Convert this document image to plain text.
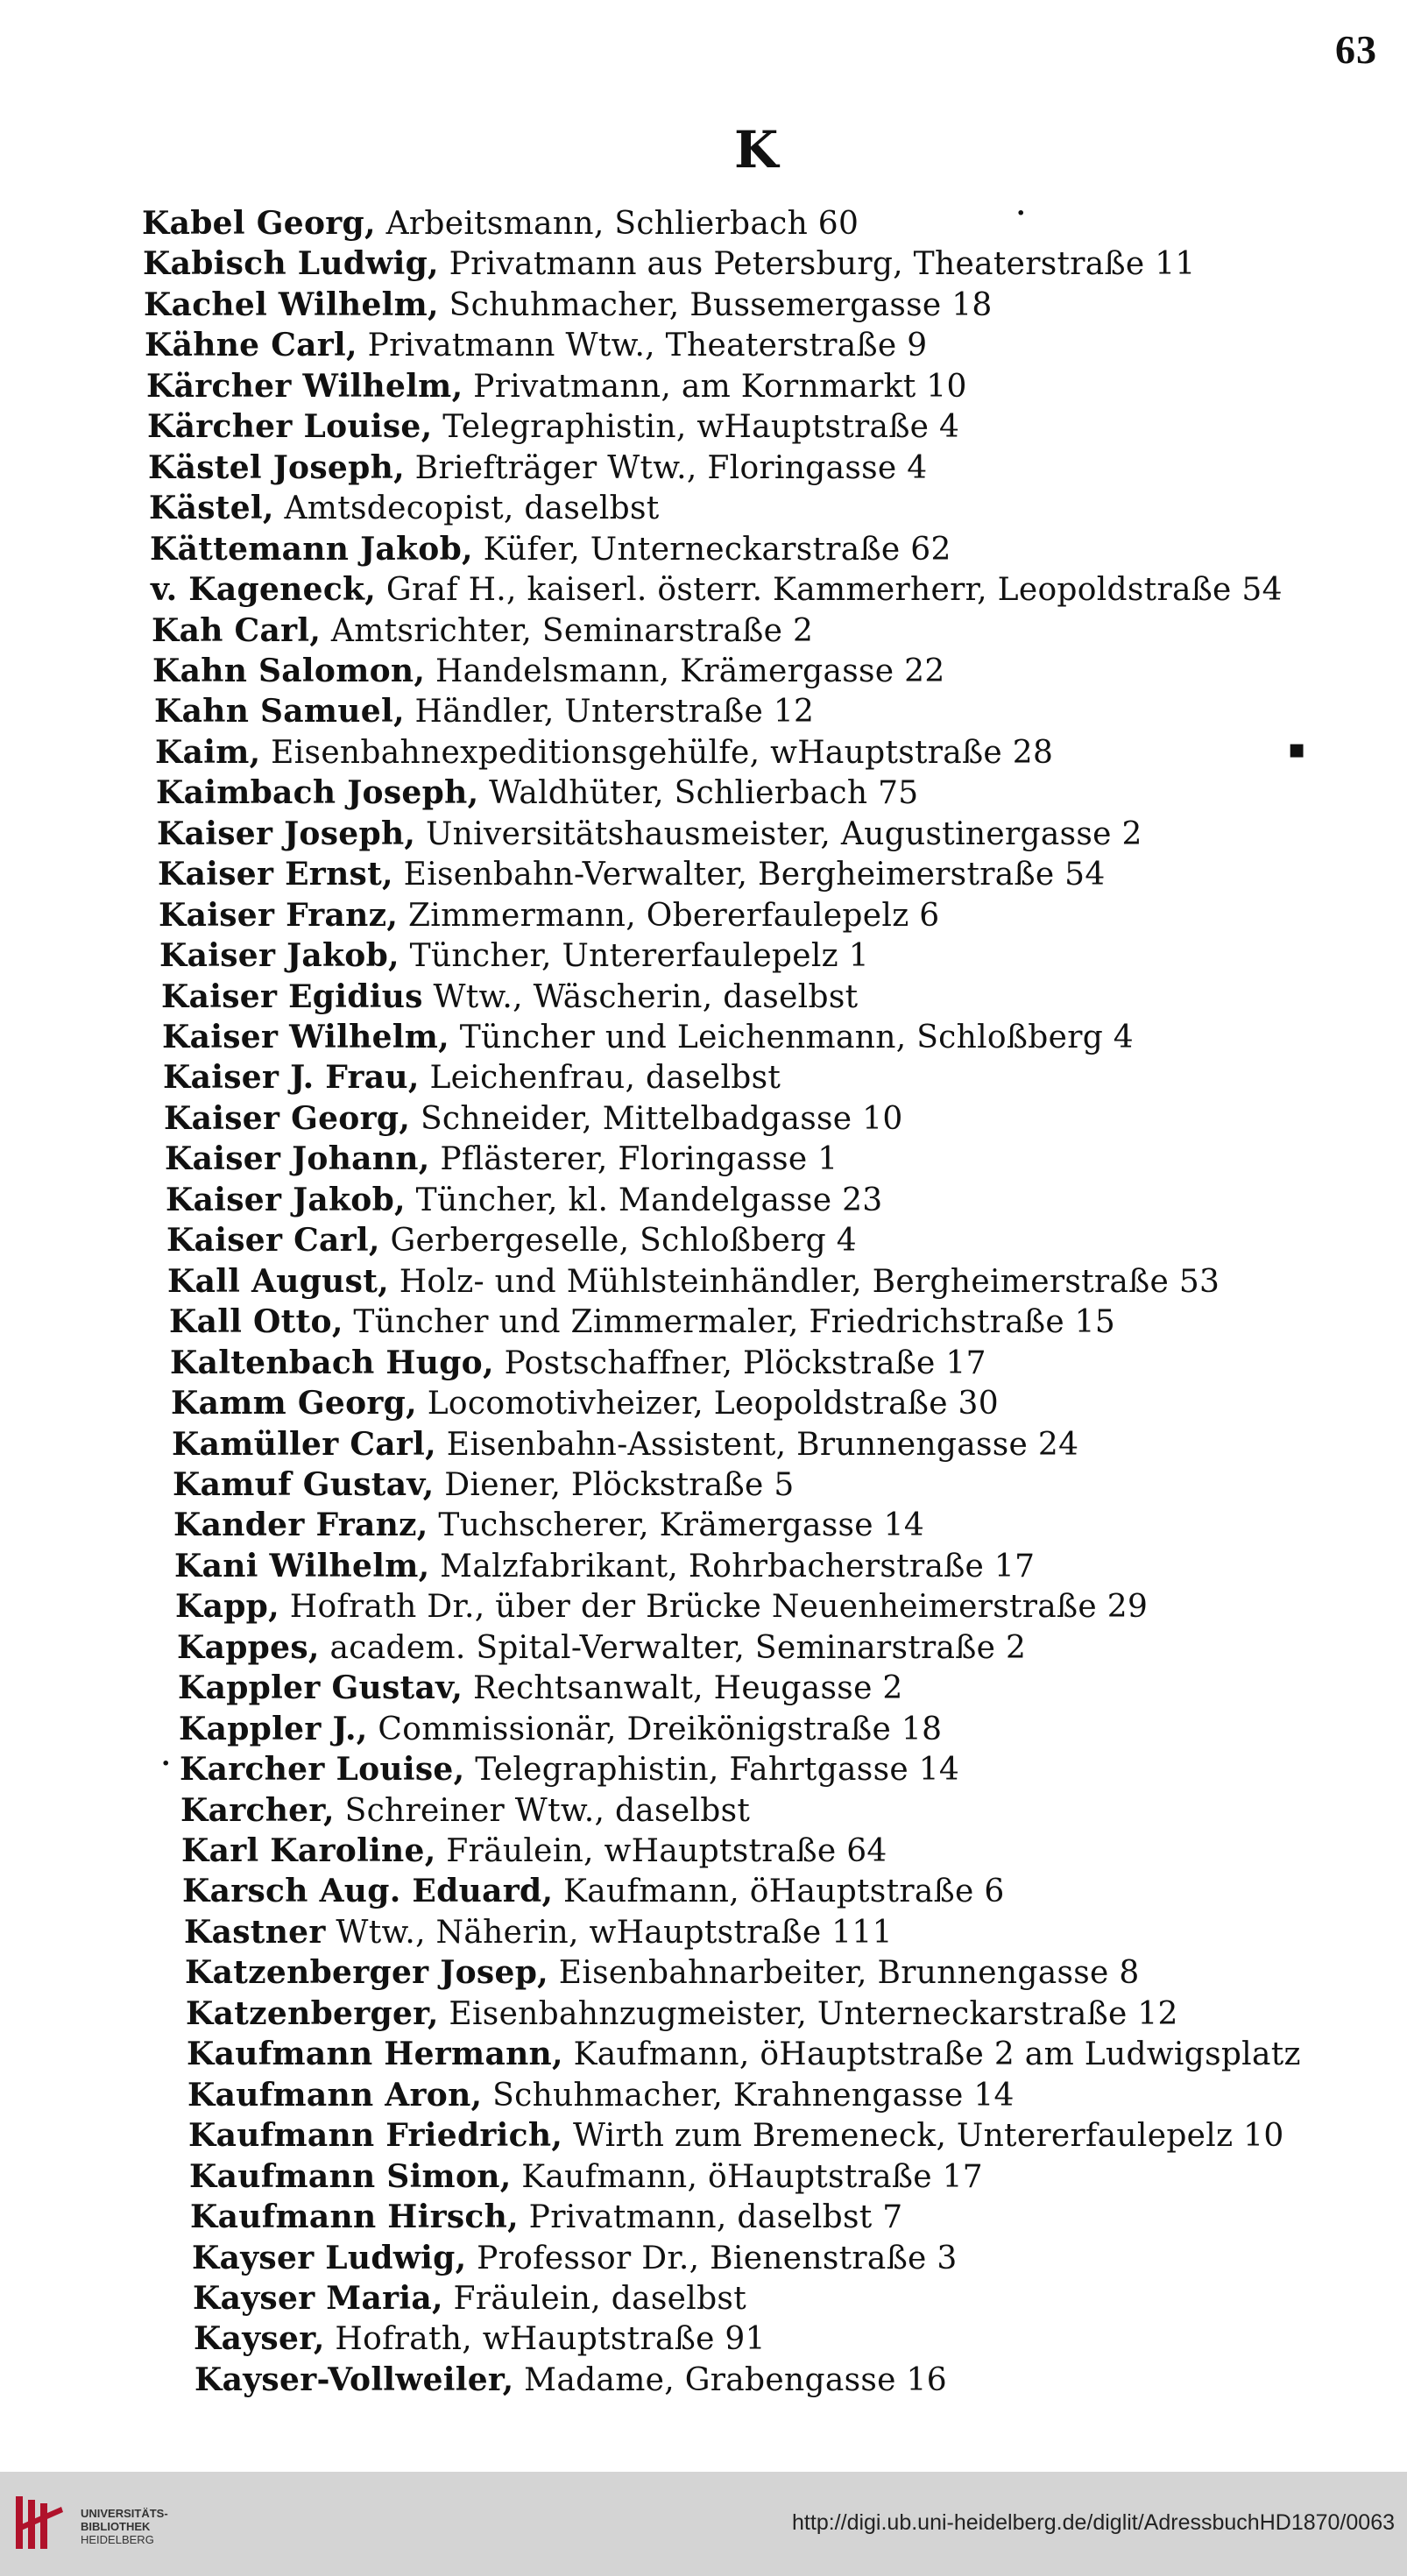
63
K
Kabel Georg, Arbeitsmann, Schlierbach 60
Kabisch Ludwig, Privatmann aus Petersburg, Theaterstraße 11
Kachel Wilhelm, Schuhmacher, Bussemergasse 18
Kähne Carl, Privatmann Wtw., Theaterstraße 9
Kärcher Wilhelm, Privatmann, am Kornmarkt 10
Kärcher Louise, Telegraphistin, wHauptstraße 4
Kästel Joseph, Briefträger Wtw., Floringasse 4
Kästel, Amtsdecopist, daselbst
Kättemann Jakob, Küfer, Unterneckarstraße 62
v. Kageneck, Graf H., kaiserl. österr. Kammerherr, Leopoldstraße 54
Kah Carl, Amtsrichter, Seminarstraße 2
Kahn Salomon, Handelsmann, Krämergasse 22
Kahn Samuel, Händler, Unterstraße 12
Kaim, Eisenbahnexpeditionsgehülfe, wHauptstraße 28
Kaimbach Joseph, Waldhüter, Schlierbach 75
Kaiser Joseph, Universitätshausmeister, Augustinergasse 2
Kaiser Ernst, Eisenbahn-Verwalter, Bergheimerstraße 54
Kaiser Franz, Zimmermann, Obererfaulepelz 6
Kaiser Jakob, Tüncher, Untererfaulepelz 1
Kaiser Egidius Wtw., Wäscherin, daselbst
Kaiser Wilhelm, Tüncher und Leichenmann, Schloßberg 4
Kaiser J. Frau, Leichenfrau, daselbst
Kaiser Georg, Schneider, Mittelbadgasse 10
Kaiser Johann, Pflästerer, Floringasse 1
Kaiser Jakob, Tüncher, kl. Mandelgasse 23
Kaiser Carl, Gerbergeselle, Schloßberg 4
Kall August, Holz- und Mühlsteinhändler, Bergheimerstraße 53
Kall Otto, Tüncher und Zimmermaler, Friedrichstraße 15
Kaltenbach Hugo, Postschaffner, Plöckstraße 17
Kamm Georg, Locomotivheizer, Leopoldstraße 30
Kamüller Carl, Eisenbahn-Assistent, Brunnengasse 24
Kamuf Gustav, Diener, Plöckstraße 5
Kander Franz, Tuchscherer, Krämergasse 14
Kani Wilhelm, Malzfabrikant, Rohrbacherstraße 17
Kapp, Hofrath Dr., über der Brücke Neuenheimerstraße 29
Kappes, academ. Spital-Verwalter, Seminarstraße 2
Kappler Gustav, Rechtsanwalt, Heugasse 2
Kappler J., Commissionär, Dreikönigstraße 18
Karcher Louise, Telegraphistin, Fahrtgasse 14
Karcher, Schreiner Wtw., daselbst
Karl Karoline, Fräulein, wHauptstraße 64
Karsch Aug. Eduard, Kaufmann, öHauptstraße 6
Kastner Wtw., Näherin, wHauptstraße 111
Katzenberger Josep, Eisenbahnarbeiter, Brunnengasse 8
Katzenberger, Eisenbahnzugmeister, Unterneckarstraße 12
Kaufmann Hermann, Kaufmann, öHauptstraße 2 am Ludwigsplatz
Kaufmann Aron, Schuhmacher, Krahnengasse 14
Kaufmann Friedrich, Wirth zum Bremeneck, Untererfaulepelz 10
Kaufmann Simon, Kaufmann, öHauptstraße 17
Kaufmann Hirsch, Privatmann, daselbst 7
Kayser Ludwig, Professor Dr., Bienenstraße 3
Kayser Maria, Fräulein, daselbst
Kayser, Hofrath, wHauptstraße 91
Kayser-Vollweiler, Madame, Grabengasse 16
·
▪
·
UNIVERSITÄTS-
BIBLIOTHEK
HEIDELBERG
http://digi.ub.uni-heidelberg.de/diglit/AdressbuchHD1870/0063
